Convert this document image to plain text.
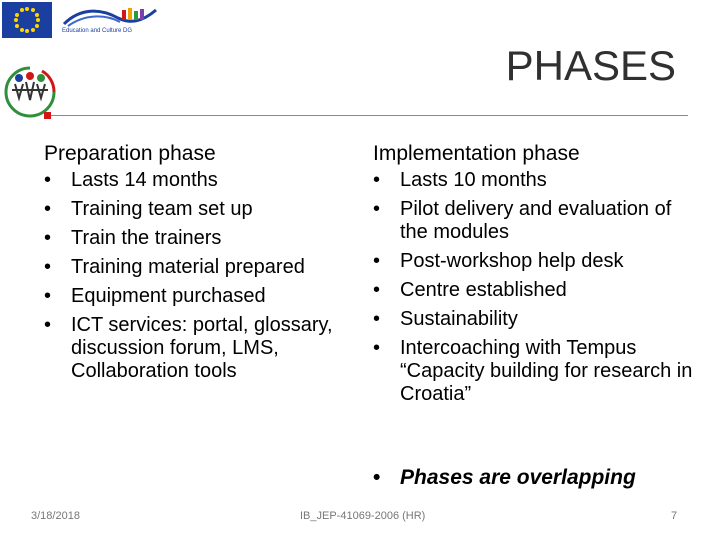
Education and Culture DG
PHASES
Preparation phase
• Lasts 14 months
• Training team set up
• Train the trainers
• Training material prepared
• Equipment purchased
• ICT services: portal, glossary, discussion forum, LMS, Collaboration tools
Implementation phase
• Lasts 10 months
• Pilot delivery and evaluation of the modules
• Post-workshop help desk
• Centre established
• Sustainability
• Intercoaching with Tempus “Capacity building for research in Croatia”
• Phases are overlapping
3/18/2018	IB_JEP-41069-2006 (HR)	7
